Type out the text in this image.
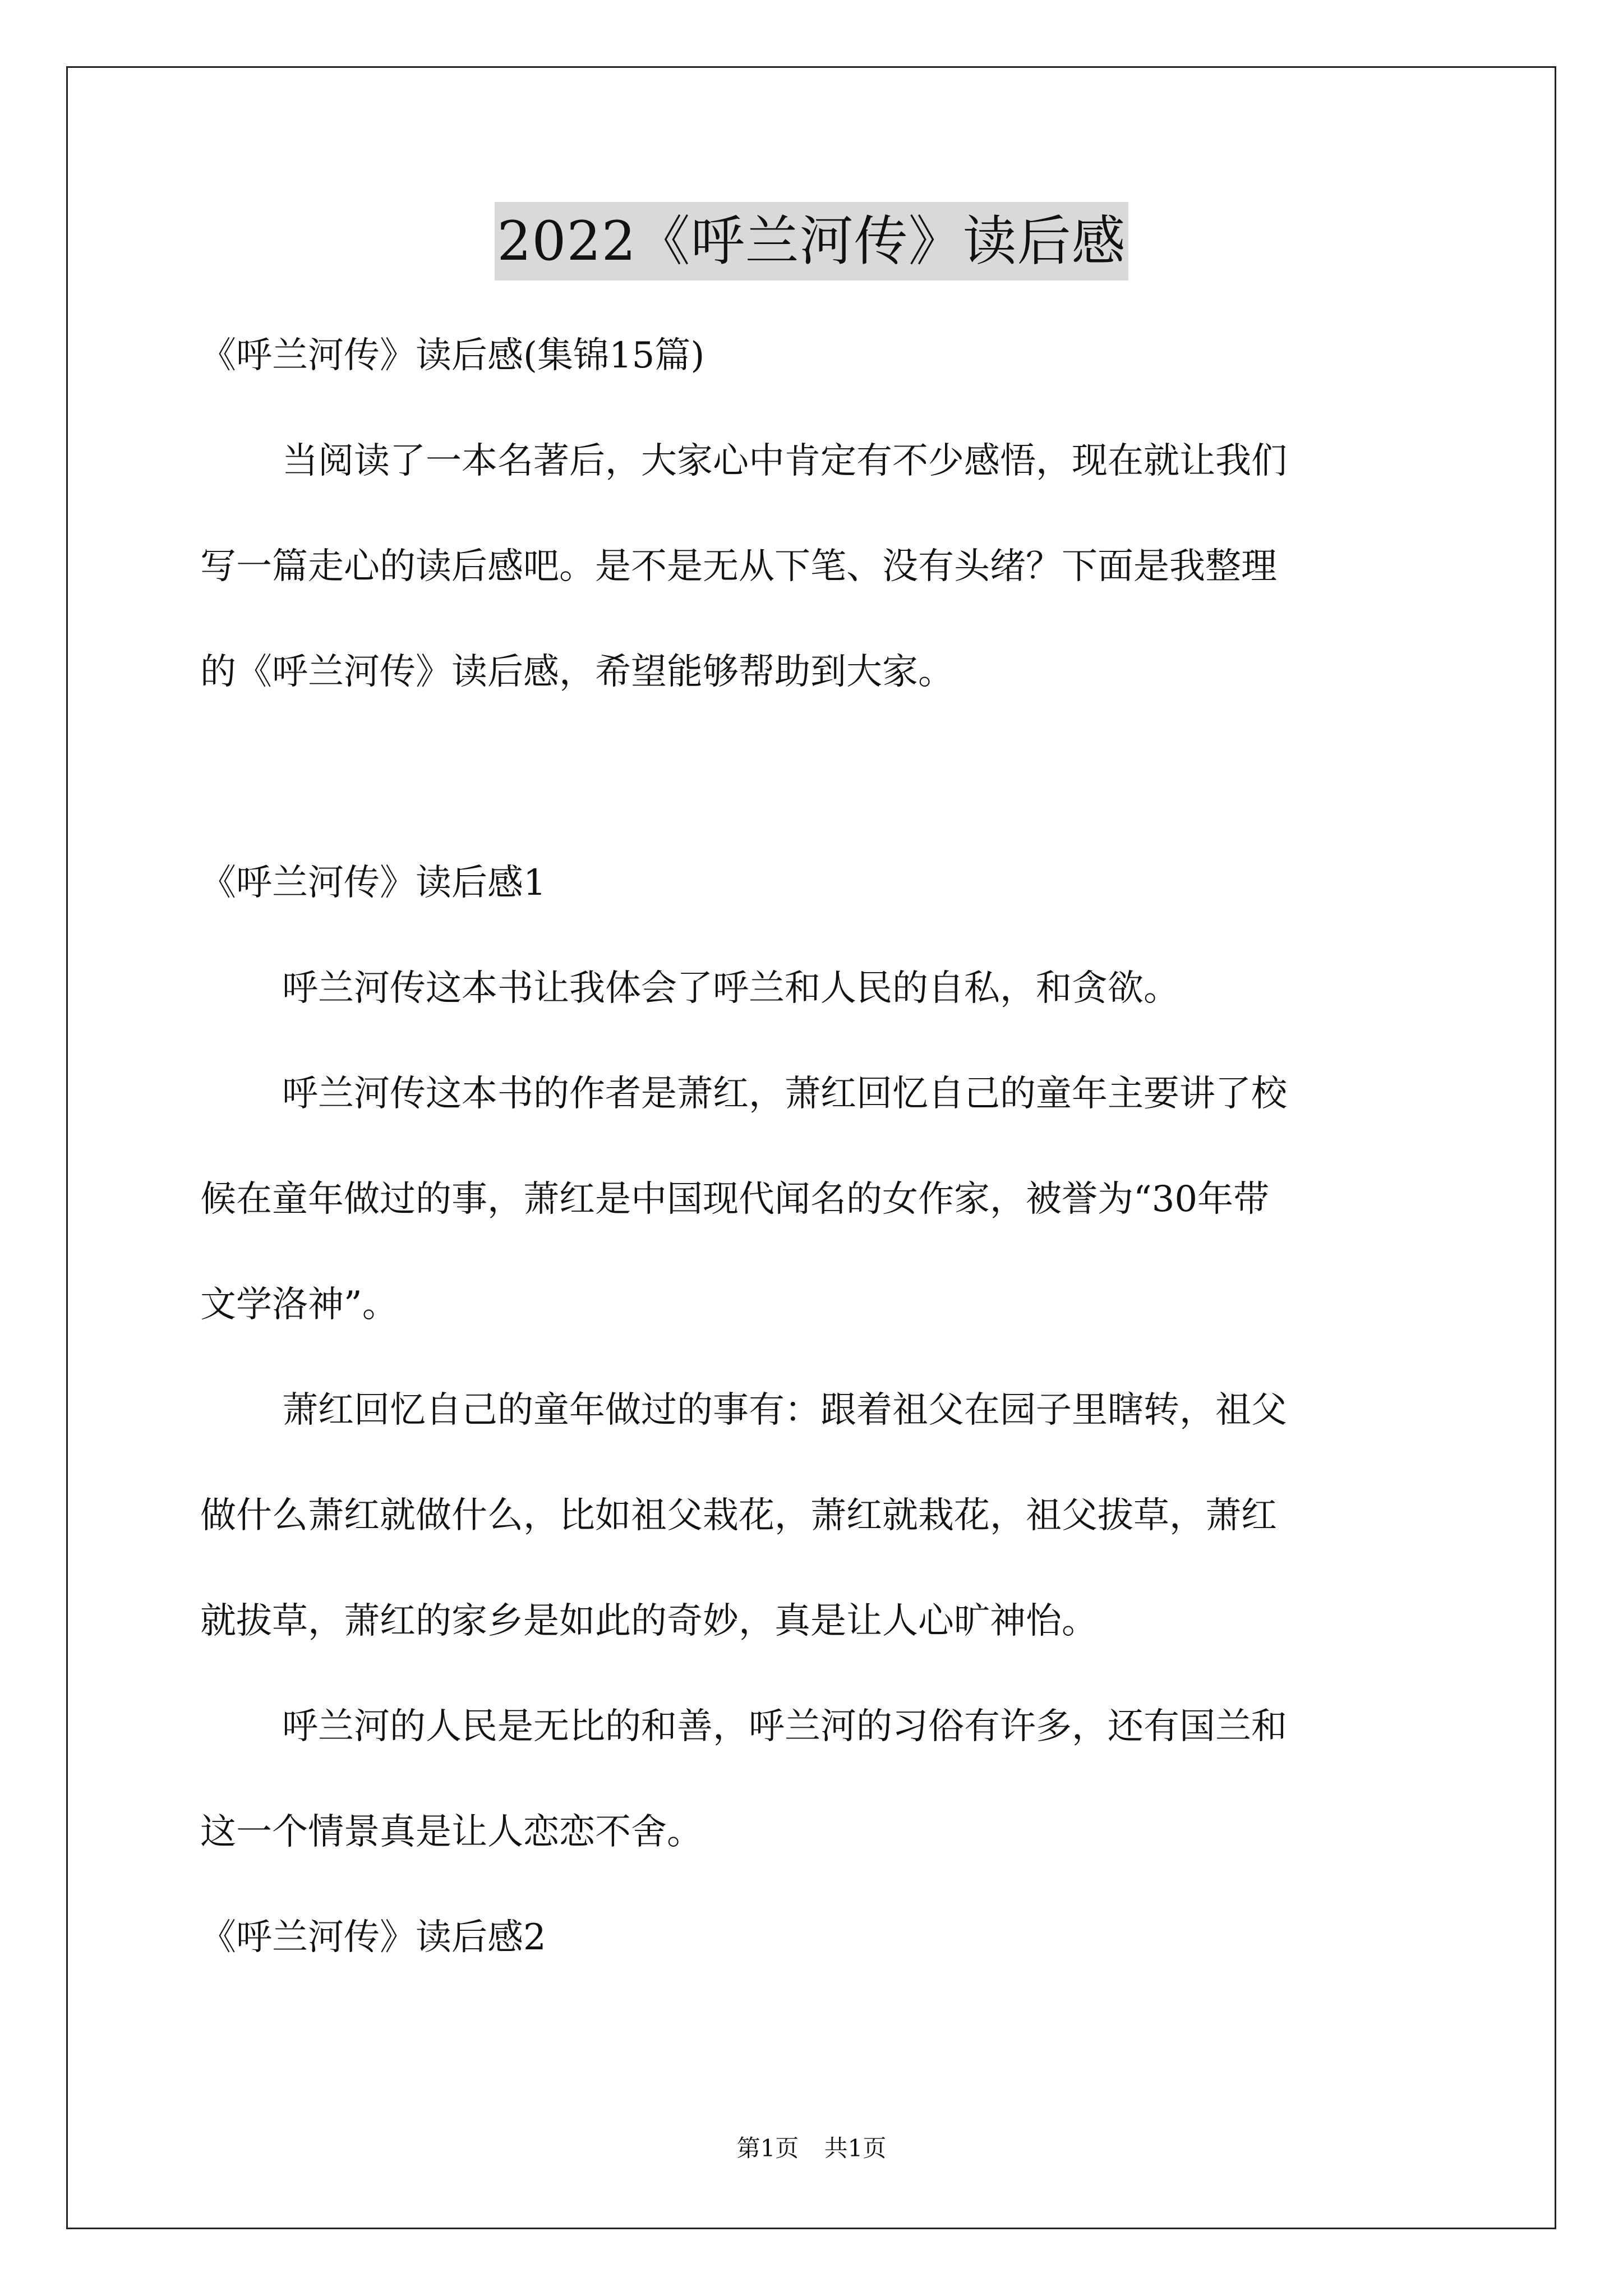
2022《呼兰河传》读后感

《呼兰河传》读后感(集锦15篇)

当阅读了一本名著后，大家心中肯定有不少感悟，现在就让我们

写一篇走心的读后感吧。是不是无从下笔、没有头绪？下面是我整理

的《呼兰河传》读后感，希望能够帮助到大家。

《呼兰河传》读后感1

呼兰河传这本书让我体会了呼兰和人民的自私，和贪欲。

呼兰河传这本书的作者是萧红，萧红回忆自己的童年主要讲了校

候在童年做过的事，萧红是中国现代闻名的女作家，被誉为“30年带

文学洛神”。

萧红回忆自己的童年做过的事有：跟着祖父在园子里瞎转，祖父

做什么萧红就做什么，比如祖父栽花，萧红就栽花，祖父拔草，萧红

就拔草，萧红的家乡是如此的奇妙，真是让人心旷神怡。

呼兰河的人民是无比的和善，呼兰河的习俗有许多，还有国兰和

这一个情景真是让人恋恋不舍。

《呼兰河传》读后感2

第1页 共1页
